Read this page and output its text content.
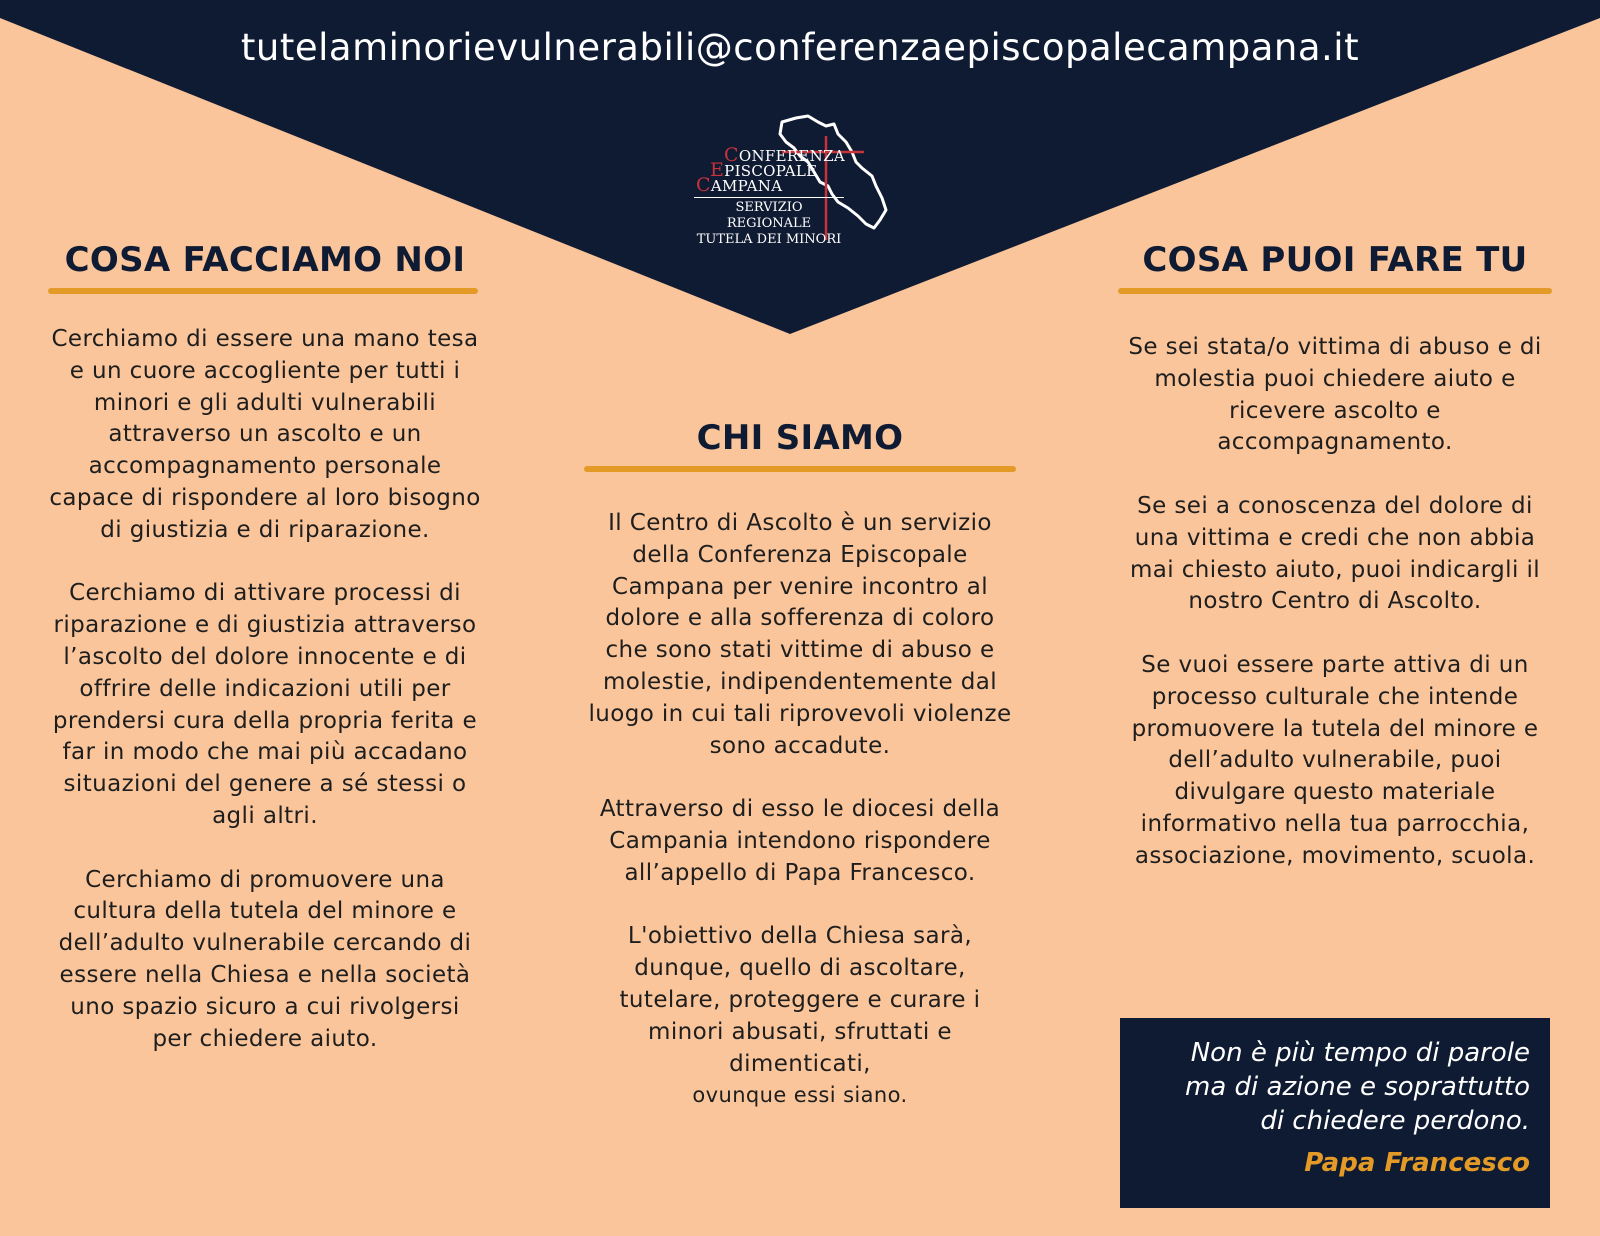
tutelaminorievulnerabili@conferenzaepiscopalecampana.it
CONFERENZA
EPISCOPALE
CAMPANA
SERVIZIO REGIONALE
TUTELA DEI MINORI
COSA FACCIAMO NOI

Cerchiamo di essere una mano tesa e un cuore accogliente per tutti i minori e gli adulti vulnerabili attraverso un ascolto e un accompagnamento personale capace di rispondere al loro bisogno di giustizia e di riparazione.

Cerchiamo di attivare processi di riparazione e di giustizia attraverso l’ascolto del dolore innocente e di offrire delle indicazioni utili per prendersi cura della propria ferita e far in modo che mai più accadano situazioni del genere a sé stessi o agli altri.

Cerchiamo di promuovere una cultura della tutela del minore e dell’adulto vulnerabile cercando di essere nella Chiesa e nella società uno spazio sicuro a cui rivolgersi per chiedere aiuto.

CHI SIAMO

Il Centro di Ascolto è un servizio della Conferenza Episcopale Campana per venire incontro al dolore e alla sofferenza di coloro che sono stati vittime di abuso e molestie, indipendentemente dal luogo in cui tali riprovevoli violenze sono accadute.

Attraverso di esso le diocesi della Campania intendono rispondere all’appello di Papa Francesco.

L'obiettivo della Chiesa sarà, dunque, quello di ascoltare, tutelare, proteggere e curare i minori abusati, sfruttati e dimenticati,

ovunque essi siano.

COSA PUOI FARE TU

Se sei stata/o vittima di abuso e di molestia puoi chiedere aiuto e ricevere ascolto e accompagnamento.

Se sei a conoscenza del dolore di una vittima e credi che non abbia mai chiesto aiuto, puoi indicargli il nostro Centro di Ascolto.

Se vuoi essere parte attiva di un processo culturale che intende promuovere la tutela del minore e dell’adulto vulnerabile, puoi divulgare questo materiale informativo nella tua parrocchia, associazione, movimento, scuola.

Non è più tempo di parole
ma di azione e soprattutto
di chiedere perdono.

Papa Francesco
